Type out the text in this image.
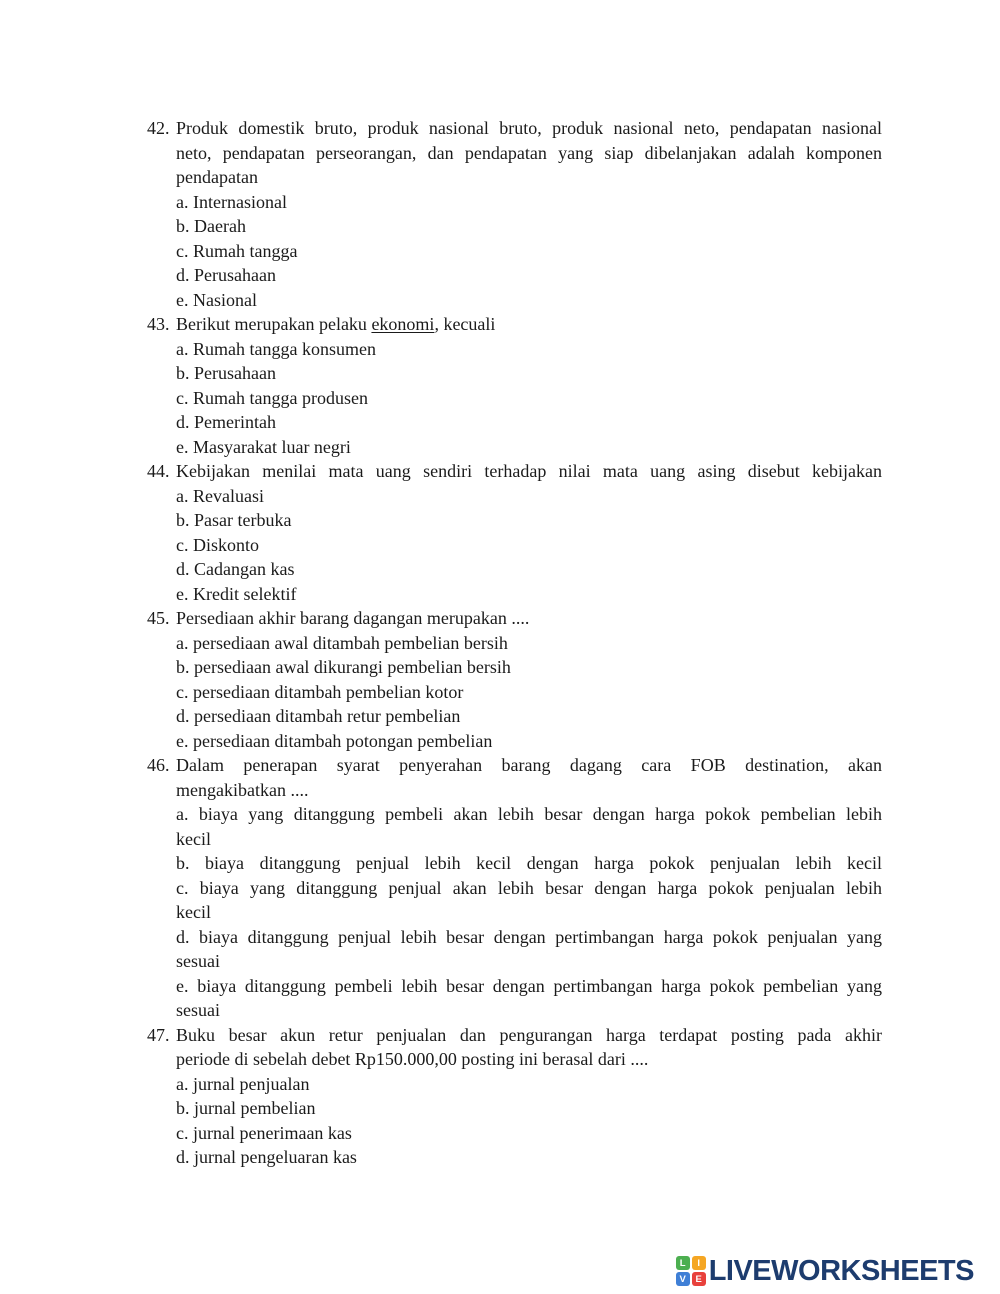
42. Produk domestik bruto, produk nasional bruto, produk nasional neto, pendapatan nasional
neto, pendapatan perseorangan, dan pendapatan yang siap dibelanjakan adalah komponen
pendapatan

a. Internasional

b. Daerah

c. Rumah tangga

d. Perusahaan

e. Nasional

43. Berikut merupakan pelaku ekonomi, kecuali

a. Rumah tangga konsumen

b. Perusahaan

c. Rumah tangga produsen

d. Pemerintah

e. Masyarakat luar negri

44. Kebijakan menilai mata uang sendiri terhadap nilai mata uang asing disebut kebijakan

a. Revaluasi

b. Pasar terbuka

c. Diskonto

d. Cadangan kas

e. Kredit selektif

45. Persediaan akhir barang dagangan merupakan ....

a. persediaan awal ditambah pembelian bersih

b. persediaan awal dikurangi pembelian bersih

c. persediaan ditambah pembelian kotor

d. persediaan ditambah retur pembelian

e. persediaan ditambah potongan pembelian

46. Dalam penerapan syarat penyerahan barang dagang cara FOB destination, akan
mengakibatkan ....
a. biaya yang ditanggung pembeli akan lebih besar dengan harga pokok pembelian lebih
kecil
b. biaya ditanggung penjual lebih kecil dengan harga pokok penjualan lebih kecil
c. biaya yang ditanggung penjual akan lebih besar dengan harga pokok penjualan lebih
kecil
d. biaya ditanggung penjual lebih besar dengan pertimbangan harga pokok penjualan yang
sesuai
e. biaya ditanggung pembeli lebih besar dengan pertimbangan harga pokok pembelian yang
sesuai
47. Buku besar akun retur penjualan dan pengurangan harga terdapat posting pada akhir
periode di sebelah debet Rp150.000,00 posting ini berasal dari ....

a. jurnal penjualan

b. jurnal pembelian

c. jurnal penerimaan kas

d. jurnal pengeluaran kas

L	I
V	E LIVEWORKSHEETS
